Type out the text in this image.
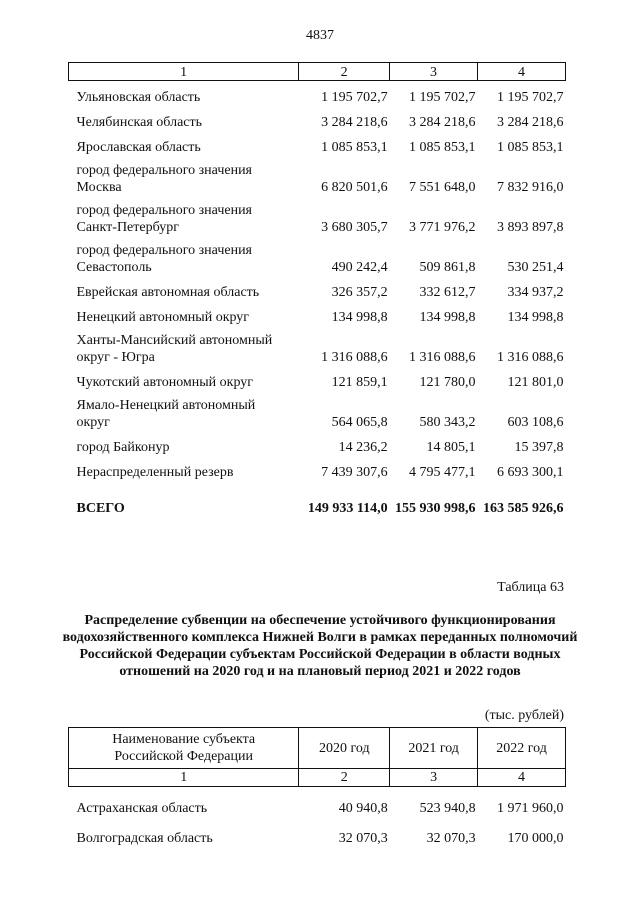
4837
1	2	3	4
Ульяновская область	1 195 702,7	1 195 702,7	1 195 702,7
Челябинская область	3 284 218,6	3 284 218,6	3 284 218,6
Ярославская область	1 085 853,1	1 085 853,1	1 085 853,1

город федерального значения
Москва	6 820 501,6	7 551 648,0	7 832 916,0

город федерального значения
Санкт-Петербург	3 680 305,7	3 771 976,2	3 893 897,8

город федерального значения
Севастополь	490 242,4	509 861,8	530 251,4
Еврейская автономная область	326 357,2	332 612,7	334 937,2
Ненецкий автономный округ	134 998,8	134 998,8	134 998,8

Ханты-Мансийский автономный
округ - Югра	1 316 088,6	1 316 088,6	1 316 088,6
Чукотский автономный округ	121 859,1	121 780,0	121 801,0

Ямало-Ненецкий автономный
округ	564 065,8	580 343,2	603 108,6
город Байконур	14 236,2	14 805,1	15 397,8
Нераспределенный резерв	7 439 307,6	4 795 477,1	6 693 300,1
ВСЕГО	149 933 114,0	155 930 998,6	163 585 926,6
Таблица 63
Распределение субвенции на обеспечение устойчивого функционирования водохозяйственного комплекса Нижней Волги в рамках переданных полномочий Российской Федерации субъектам Российской Федерации в области водных отношений на 2020 год и на плановый период 2021 и 2022 годов
(тыс. рублей)
Наименование субъекта
Российской Федерации	2020 год	2021 год	2022 год
1	2	3	4
Астраханская область	40 940,8	523 940,8	1 971 960,0
Волгоградская область	32 070,3	32 070,3	170 000,0
